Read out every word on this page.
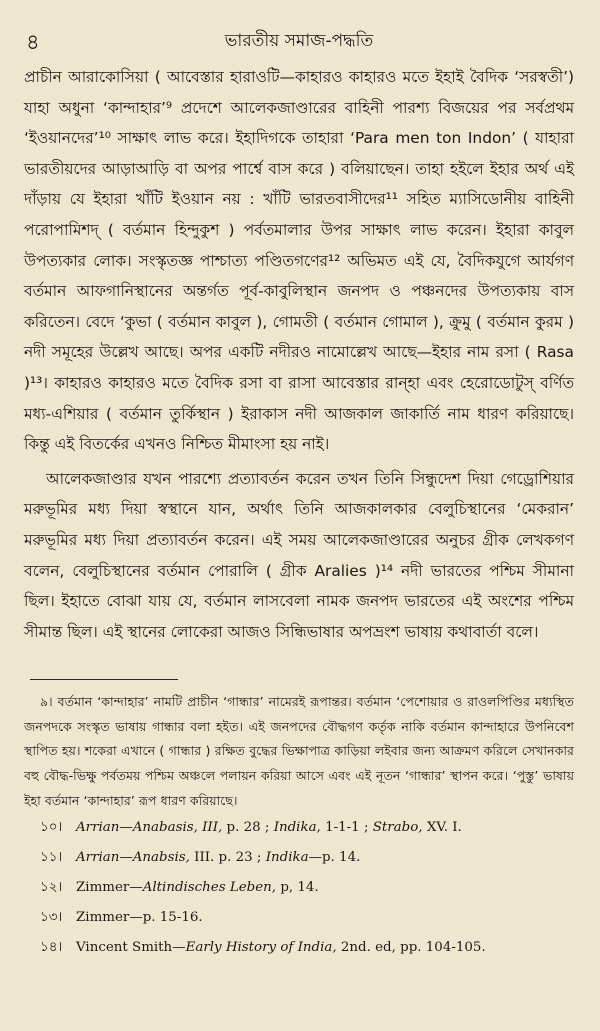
৪	ভারতীয় সমাজ-পদ্ধতি

প্রাচীন আরাকোসিয়া ( আবেস্তার হারাওটি—কাহারও কাহারও মতে ইহাই বৈদিক ‘সরস্বতী’) যাহা অধুনা ‘কান্দাহার’⁹ প্রদেশে আলেকজাণ্ডারের বাহিনী পারশ্য বিজয়ের পর সর্বপ্রথম ‘ইওয়ানদের’¹⁰ সাক্ষাৎ লাভ করে। ইহাদিগকে তাহারা ‘Para men ton Indon’ ( যাহারা ভারতীয়দের আড়াআড়ি বা অপর পার্শ্বে বাস করে ) বলিয়াছেন। তাহা হইলে ইহার অর্থ এই দাঁড়ায় যে ইহারা খাঁটি ইওয়ান নয় : খাঁটি ভারতবাসীদের¹¹ সহিত ম্যাসিডোনীয় বাহিনী পরোপামিশদ্ ( বর্তমান হিন্দুকুশ ) পর্বতমালার উপর সাক্ষাৎ লাভ করেন। ইহারা কাবুল উপত্যকার লোক। সংস্কৃতজ্ঞ পাশ্চাত্য পণ্ডিতগণের¹² অভিমত এই যে, বৈদিকযুগে আর্যগণ বর্তমান আফগানিস্থানের অন্তর্গত পূর্ব-কাবুলিস্থান জনপদ ও পঞ্চনদের উপত্যকায় বাস করিতেন। বেদে ‘কুভা ( বর্তমান কাবুল ), গোমতী ( বর্তমান গোমাল ), ক্রুমু ( বর্তমান কুরম ) নদী সমূহের উল্লেখ আছে। অপর একটি নদীরও নামোল্লেখ আছে—ইহার নাম রসা ( Rasa )¹³। কাহারও কাহারও মতে বৈদিক রসা বা রাসা আবেস্তার রান্‌হা এবং হেরোডোটুস্ বর্ণিত মধ্য-এশিয়ার ( বর্তমান তুর্কিস্থান ) ইরাকাস নদী আজকাল জাকার্তি নাম ধারণ করিয়াছে। কিন্তু এই বিতর্কের এখনও নিশ্চিত মীমাংসা হয় নাই।

আলেকজাণ্ডার যখন পারশ্যে প্রত্যাবর্তন করেন তখন তিনি সিন্ধুদেশ দিয়া গেড্রোশিয়ার মরুভূমির মধ্য দিয়া স্বস্থানে যান, অর্থাৎ তিনি আজকালকার বেলুচিস্থানের ‘মেকরান’ মরুভূমির মধ্য দিয়া প্রত্যাবর্তন করেন। এই সময় আলেকজাণ্ডারের অনুচর গ্রীক লেখকগণ বলেন, বেলুচিস্থানের বর্তমান পোরালি ( গ্রীক Aralies )¹⁴ নদী ভারতের পশ্চিম সীমানা ছিল। ইহাতে বোঝা যায় যে, বর্তমান লাসবেলা নামক জনপদ ভারতের এই অংশের পশ্চিম সীমান্ত ছিল। এই স্থানের লোকেরা আজও সিন্ধিভাষার অপভ্রংশ ভাষায় কথাবার্তা বলে।

৯। বর্তমান ‘কান্দাহার’ নামটি প্রাচীন ‘গান্ধার’ নামেরই রূপান্তর। বর্তমান ‘পেশোয়ার ও রাওলপিণ্ডির মধ্যস্থিত জনপদকে সংস্কৃত ভাষায় গান্ধার বলা হইত। এই জনপদের বৌদ্ধগণ কর্তৃক নাকি বর্তমান কান্দাহারে উপনিবেশ স্থাপিত হয়। শকেরা এখানে ( গান্ধার ) রক্ষিত বুদ্ধের ভিক্ষাপাত্র কাড়িয়া লইবার জন্য আক্রমণ করিলে সেখানকার বহু বৌদ্ধ-ভিক্ষু পর্বতময় পশ্চিম অঞ্চলে পলায়ন করিয়া আসে এবং এই নূতন ‘গান্ধার’ স্থাপন করে। ‘পুস্তু’ ভাষায় ইহা বর্তমান ‘কান্দাহার’ রূপ ধারণ করিয়াছে।

১০। Arrian—Anabasis, III, p. 28 ; Indika, 1-1-1 ; Strabo, XV. I.

১১। Arrian—Anabsis, III. p. 23 ; Indika—p. 14.

১২। Zimmer—Altindisches Leben, p, 14.

১৩। Zimmer—p. 15-16.

১৪। Vincent Smith—Early History of India, 2nd. ed, pp. 104-105.
